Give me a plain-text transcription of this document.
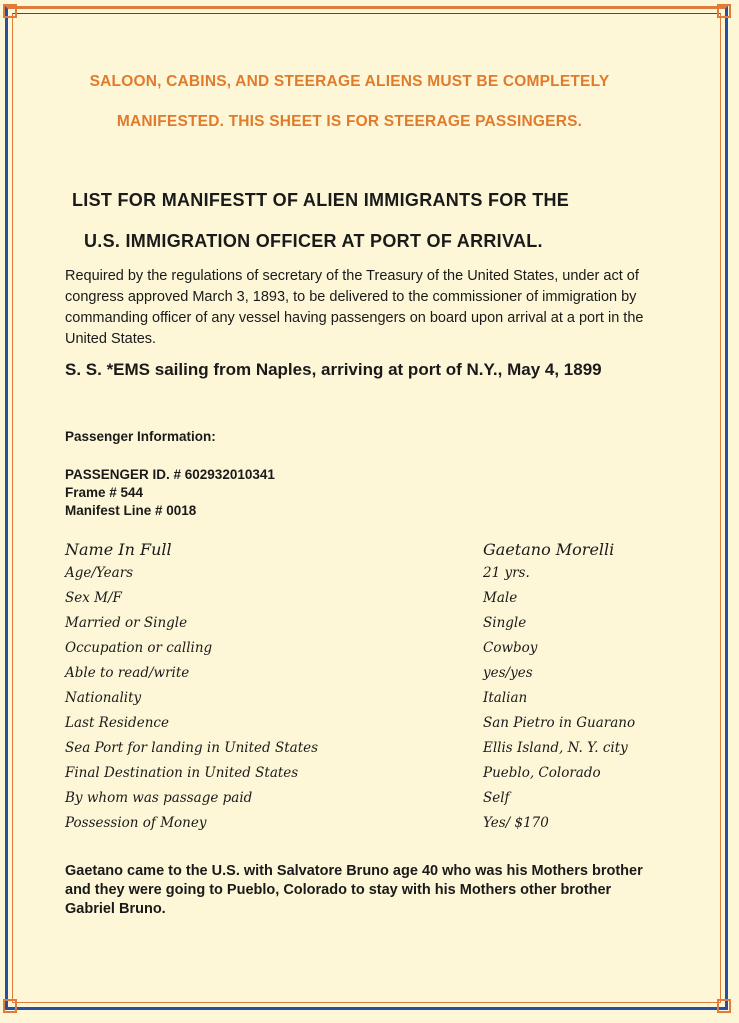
SALOON, CABINS, AND STEERAGE ALIENS MUST BE COMPLETELY
MANIFESTED. THIS SHEET IS FOR STEERAGE PASSINGERS.
LIST FOR MANIFESTT OF ALIEN IMMIGRANTS FOR THE
U.S. IMMIGRATION OFFICER AT PORT OF ARRIVAL.
Required by the regulations of secretary of the Treasury of the United States, under act of congress approved March 3, 1893, to be delivered to the commissioner of immigration by commanding officer of any vessel having passengers on board upon arrival at a port in the United States.
S. S. *EMS sailing from Naples, arriving at port of N.Y., May 4, 1899
Passenger Information:
PASSENGER ID. # 602932010341
Frame # 544
Manifest Line # 0018
Name In Full	Gaetano Morelli
Age/Years	21 yrs.
Sex M/F	Male
Married or Single	Single
Occupation or calling	Cowboy
Able to read/write	yes/yes
Nationality	Italian
Last Residence	San Pietro in Guarano
Sea Port for landing in United States	Ellis Island, N. Y. city
Final Destination in United States	Pueblo, Colorado
By whom was passage paid	Self
Possession of Money	Yes/ $170
Gaetano came to the U.S. with Salvatore Bruno age 40 who was his Mothers brother and they were going to Pueblo, Colorado to stay with his Mothers other brother Gabriel Bruno.
